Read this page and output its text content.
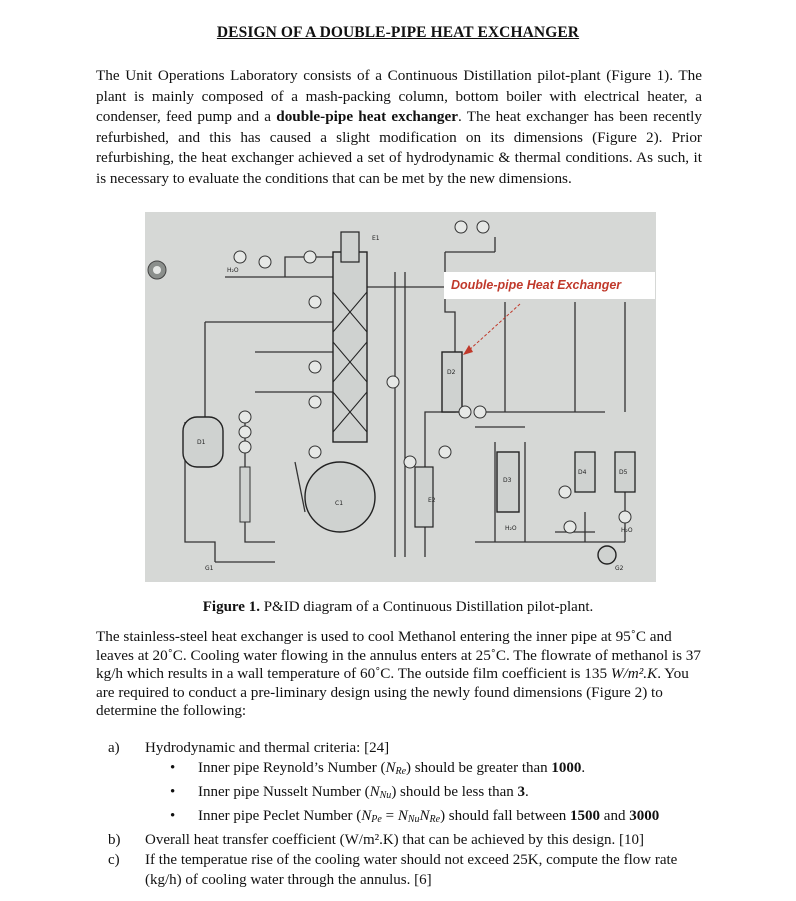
DESIGN OF A DOUBLE-PIPE HEAT EXCHANGER
The Unit Operations Laboratory consists of a Continuous Distillation pilot-plant (Figure 1). The plant is mainly composed of a mash-packing column, bottom boiler with electrical heater, a condenser, feed pump and a double-pipe heat exchanger. The heat exchanger has been recently refurbished, and this has caused a slight modification on its dimensions (Figure 2). Prior refurbishing, the heat exchanger achieved a set of hydrodynamic & thermal conditions. As such, it is necessary to evaluate the conditions that can be met by the new dimensions.
D1
C1
E1
E2
D2
D3
D4	D5
G1	G2
H₂O
H₂O	H₂O
Double-pipe Heat Exchanger
Figure 1. P&ID diagram of a Continuous Distillation pilot-plant.
The stainless-steel heat exchanger is used to cool Methanol entering the inner pipe at 95˚C and leaves at 20˚C. Cooling water flowing in the annulus enters at 25˚C. The flowrate of methanol is 37 kg/h which results in a wall temperature of 60˚C. The outside film coefficient is 135 W/m².K. You are required to conduct a pre-liminary design using the newly found dimensions (Figure 2) to determine the following:
a) Hydrodynamic and thermal criteria: [24]
• Inner pipe Reynold’s Number (NRe) should be greater than 1000.
• Inner pipe Nusselt Number (NNu) should be less than 3.
• Inner pipe Peclet Number (NPe = NNuNRe) should fall between 1500 and 3000
b) Overall heat transfer coefficient (W/m².K) that can be achieved by this design. [10]
c) If the temperatue rise of the cooling water should not exceed 25K, compute the flow rate (kg/h) of cooling water through the annulus. [6]
